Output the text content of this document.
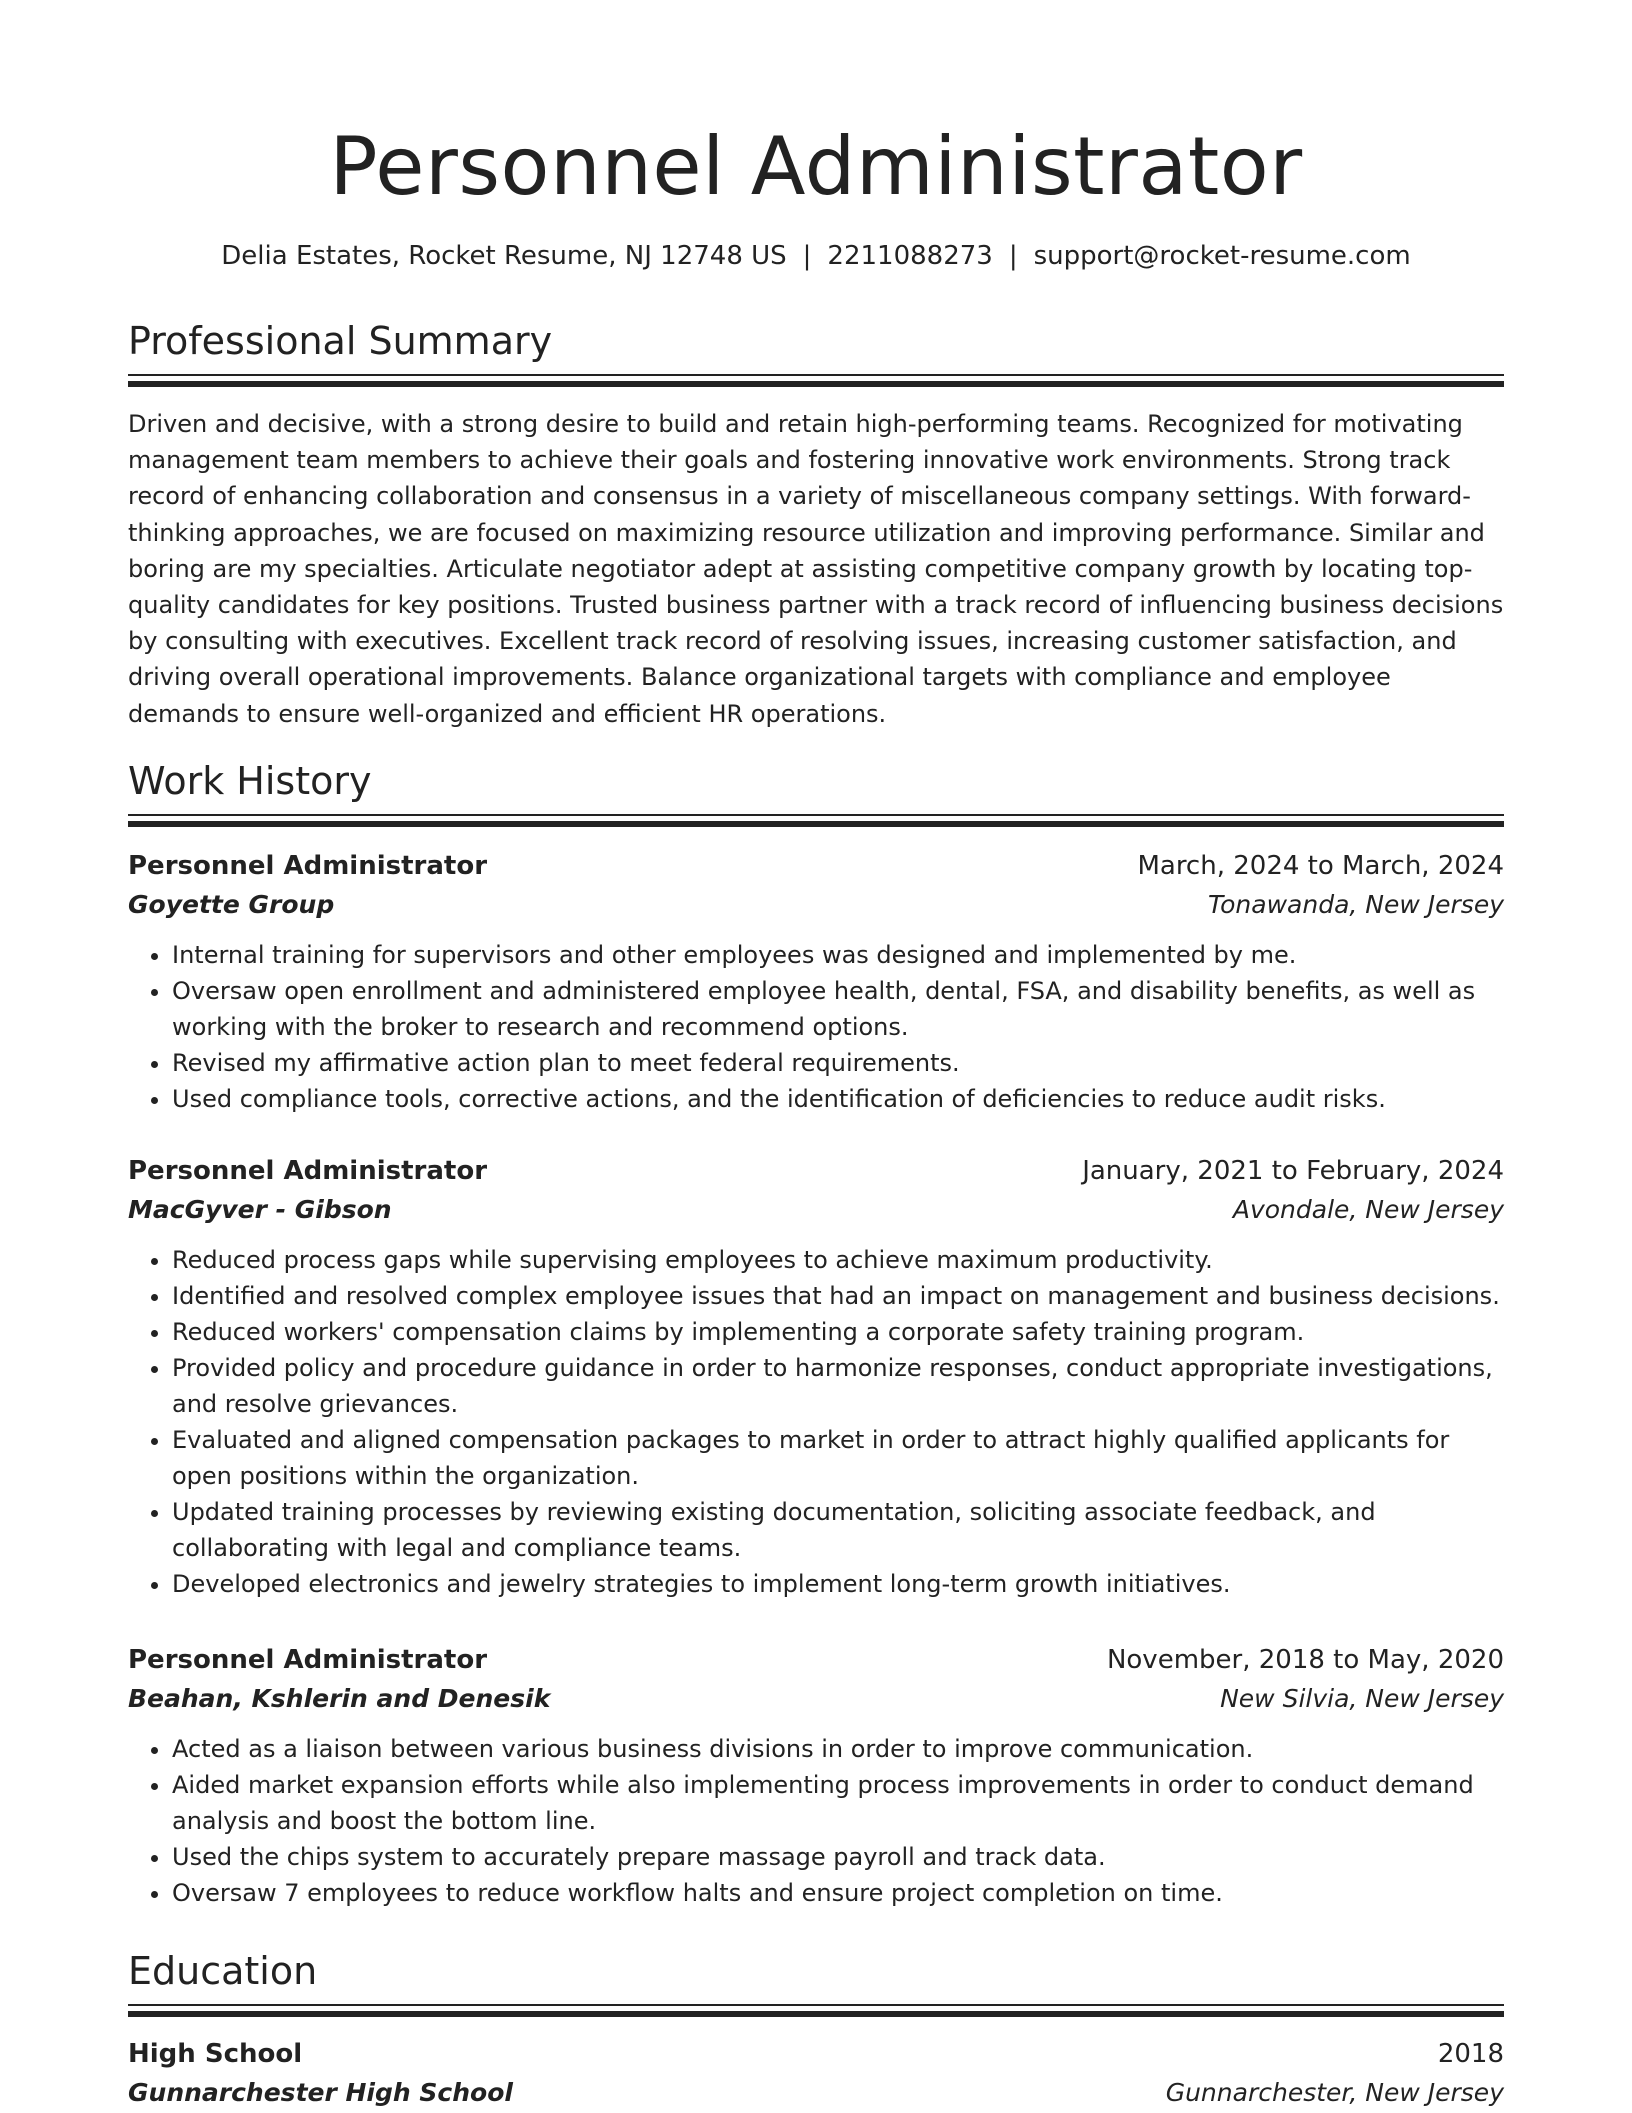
Personnel Administrator
Delia Estates, Rocket Resume, NJ 12748 US | 2211088273 | support@rocket-resume.com
Professional Summary

Driven and decisive, with a strong desire to build and retain high-performing teams. Recognized for motivating management team members to achieve their goals and fostering innovative work environments. Strong track record of enhancing collaboration and consensus in a variety of miscellaneous company settings. With forward-thinking approaches, we are focused on maximizing resource utilization and improving performance. Similar and boring are my specialties. Articulate negotiator adept at assisting competitive company growth by locating top-quality candidates for key positions. Trusted business partner with a track record of influencing business decisions by consulting with executives. Excellent track record of resolving issues, increasing customer satisfaction, and driving overall operational improvements. Balance organizational targets with compliance and employee demands to ensure well-organized and efficient HR operations.

Work History
Personnel Administrator	March, 2024 to March, 2024
Goyette Group	Tonawanda, New Jersey
• Internal training for supervisors and other employees was designed and implemented by me.
• Oversaw open enrollment and administered employee health, dental, FSA, and disability benefits, as well as working with the broker to research and recommend options.
• Revised my affirmative action plan to meet federal requirements.
• Used compliance tools, corrective actions, and the identification of deficiencies to reduce audit risks.
Personnel Administrator	January, 2021 to February, 2024
MacGyver - Gibson	Avondale, New Jersey
• Reduced process gaps while supervising employees to achieve maximum productivity.
• Identified and resolved complex employee issues that had an impact on management and business decisions.
• Reduced workers' compensation claims by implementing a corporate safety training program.
• Provided policy and procedure guidance in order to harmonize responses, conduct appropriate investigations, and resolve grievances.
• Evaluated and aligned compensation packages to market in order to attract highly qualified applicants for open positions within the organization.
• Updated training processes by reviewing existing documentation, soliciting associate feedback, and collaborating with legal and compliance teams.
• Developed electronics and jewelry strategies to implement long-term growth initiatives.
Personnel Administrator	November, 2018 to May, 2020
Beahan, Kshlerin and Denesik	New Silvia, New Jersey
• Acted as a liaison between various business divisions in order to improve communication.
• Aided market expansion efforts while also implementing process improvements in order to conduct demand analysis and boost the bottom line.
• Used the chips system to accurately prepare massage payroll and track data.
• Oversaw 7 employees to reduce workflow halts and ensure project completion on time.
Education
High School	2018
Gunnarchester High School	Gunnarchester, New Jersey
